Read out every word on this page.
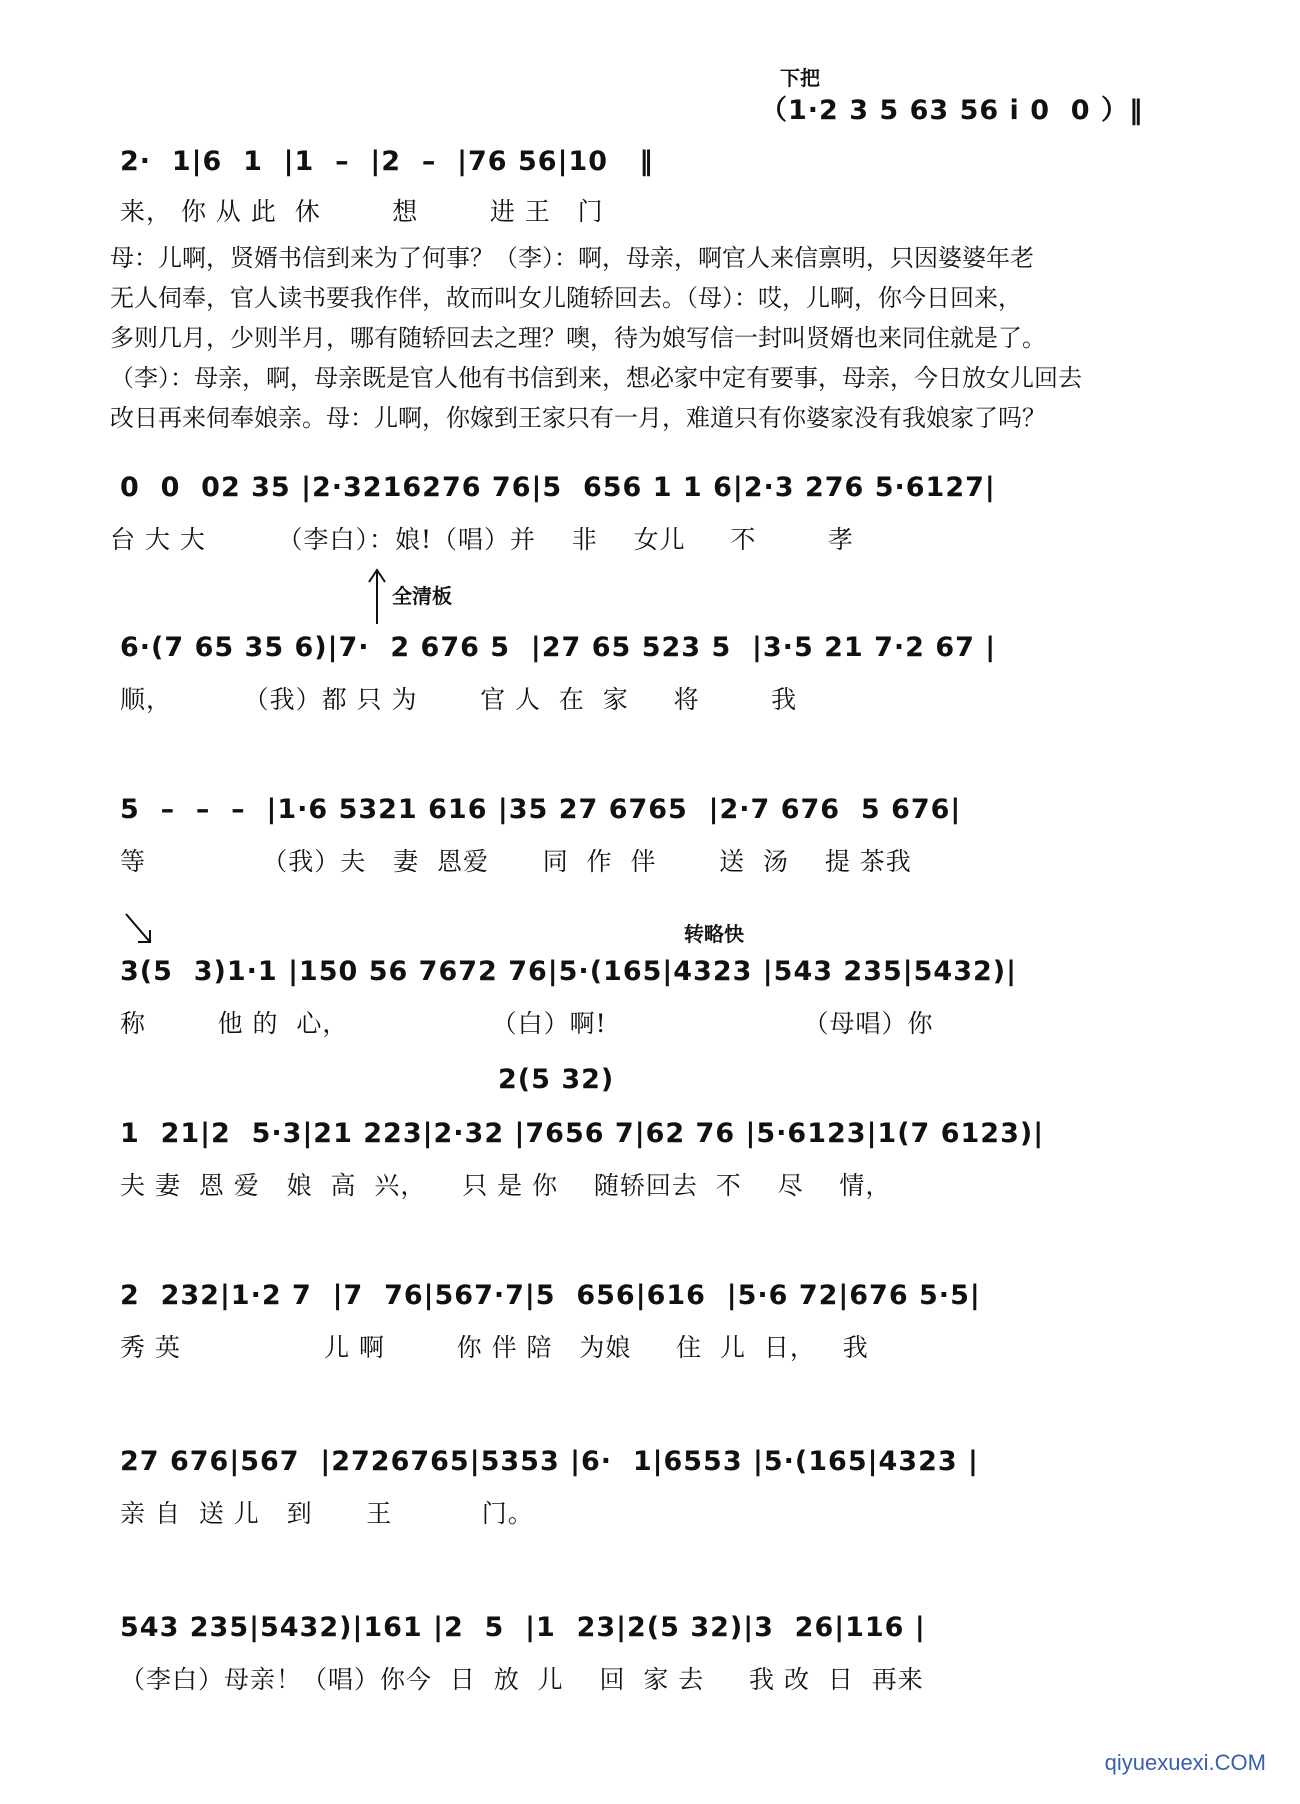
下把
（1·2 3 5 63 56 i 0  0 ）‖
2·  1|6  1  |1  –  |2  –  |76 56|10   ‖
来， 你 从 此  休        想        进 王   门

母：儿啊，贤婿书信到来为了何事？（李）：啊，母亲，啊官人来信禀明，只因婆婆年老

无人伺奉，官人读书要我作伴，故而叫女儿随轿回去。（母）：哎，儿啊，你今日回来，

多则几月，少则半月，哪有随轿回去之理？噢，待为娘写信一封叫贤婿也来同住就是了。

（李）：母亲，啊，母亲既是官人他有书信到来，想必家中定有要事，母亲，今日放女儿回去

改日再来伺奉娘亲。母：儿啊，你嫁到王家只有一月，难道只有你婆家没有我娘家了吗？

0  0  02 35 |2·3216276 76|5  656 1 1 6|2·3 276 5·6127|
台 大 大        （李白）：娘!（唱）并    非    女儿     不        孝
全清板
6·(7 65 35 6)|7·  2 676 5  |27 65 523 5  |3·5 21 7·2 67 |
顺，        （我）都 只 为       官 人  在  家     将        我
5  –  –  –  |1·6 5321 616 |35 27 6765  |2·7 676  5 676|
等             （我）夫   妻  恩爱      同  作  伴       送  汤    提 茶我
转略快
3(5  3)1·1 |150 56 7672 76|5·(165|4323 |543 235|5432)|
称        他 的  心，                （白）啊!                      （母唱）你
2(5 32)
1  21|2  5·3|21 223|2·32 |7656 7|62 76 |5·6123|1(7 6123)|
夫 妻  恩 爱   娘  高  兴，    只 是 你    随轿回去  不    尽    情，
2  232|1·2 7  |7  76|567·7|5  656|616  |5·6 72|676 5·5|
秀 英                儿 啊        你 伴 陪   为娘     住  儿  日，   我
27 676|567  |2726765|5353 |6·  1|6553 |5·(165|4323 |
亲 自  送 儿   到      王          门。
543 235|5432)|161 |2  5  |1  23|2(5 32)|3  26|116 |
（李白）母亲！（唱）你今  日  放  儿    回  家 去     我 改  日  再来
qiyuexuexi.COM
